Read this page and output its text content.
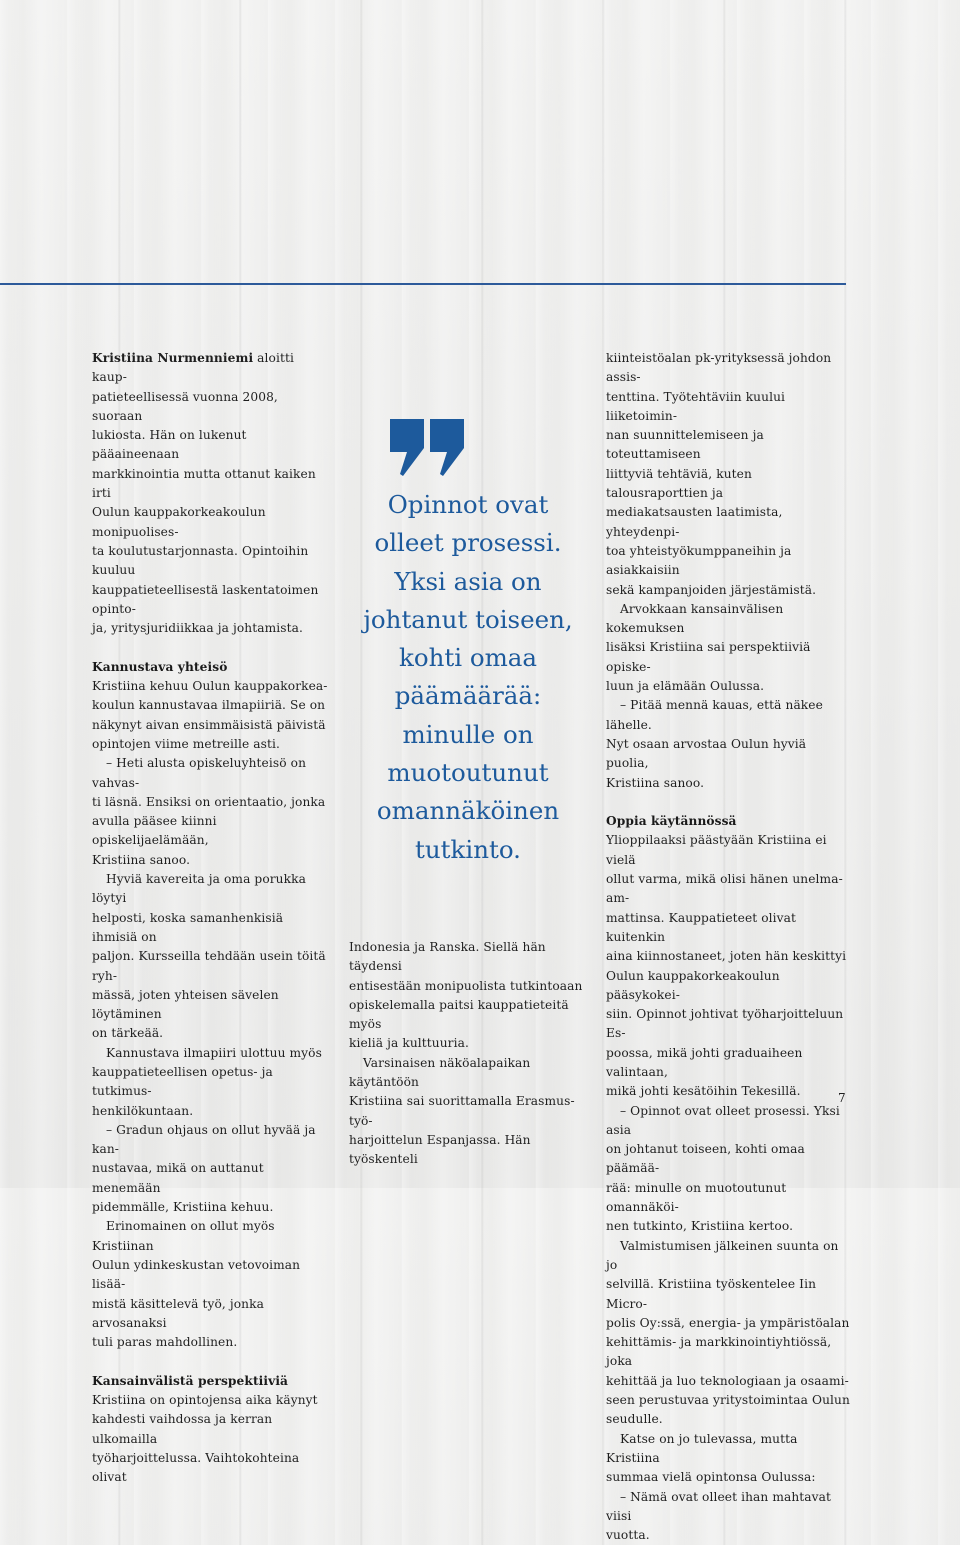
Kristiina Nurmenniemi aloitti kaup-
patieteellisessä vuonna 2008, suoraan
lukiosta. Hän on lukenut pääaineenaan
markkinointia mutta ottanut kaiken irti
Oulun kauppakorkeakoulun monipuolises-
ta koulutustarjonnasta. Opintoihin kuuluu
kauppatieteellisestä laskentatoimen opinto-
ja, yritysjuridiikkaa ja johtamista.

Kannustava yhteisö

Kristiina kehuu Oulun kauppakorkea-
koulun kannustavaa ilmapiiriä. Se on
näkynyt aivan ensimmäisistä päivistä
opintojen viime metreille asti.

– Heti alusta opiskeluyhteisö on vahvas-
ti läsnä. Ensiksi on orientaatio, jonka
avulla pääsee kiinni opiskelijaelämään,
Kristiina sanoo.

Hyviä kavereita ja oma porukka löytyi
helposti, koska samanhenkisiä ihmisiä on
paljon. Kursseilla tehdään usein töitä ryh-
mässä, joten yhteisen sävelen löytäminen
on tärkeää.

Kannustava ilmapiiri ulottuu myös
kauppatieteellisen opetus- ja tutkimus-
henkilökuntaan.

– Gradun ohjaus on ollut hyvää ja kan-
nustavaa, mikä on auttanut menemään
pidemmälle, Kristiina kehuu.

Erinomainen on ollut myös Kristiinan
Oulun ydinkeskustan vetovoiman lisää-
mistä käsittelevä työ, jonka arvosanaksi
tuli paras mahdollinen.

Kansainvälistä perspektiiviä

Kristiina on opintojensa aika käynyt
kahdesti vaihdossa ja kerran ulkomailla
työharjoittelussa. Vaihtokohteina olivat

Opinnot ovat
olleet prosessi.
Yksi asia on
johtanut toiseen,
kohti omaa
päämäärää:
minulle on
muotoutunut
omannäköinen
tutkinto.

Indonesia ja Ranska. Siellä hän täydensi
entisestään monipuolista tutkintoaan
opiskelemalla paitsi kauppatieteitä myös
kieliä ja kulttuuria.

Varsinaisen näköalapaikan käytäntöön
Kristiina sai suorittamalla Erasmus-työ-
harjoittelun Espanjassa. Hän työskenteli

kiinteistöalan pk-yrityksessä johdon assis-
tenttina. Työtehtäviin kuului liiketoimin-
nan suunnittelemiseen ja toteuttamiseen
liittyviä tehtäviä, kuten talousraporttien ja
mediakatsausten laatimista, yhteydenpi-
toa yhteistyökumppaneihin ja asiakkaisiin
sekä kampanjoiden järjestämistä.

Arvokkaan kansainvälisen kokemuksen
lisäksi Kristiina sai perspektiiviä opiske-
luun ja elämään Oulussa.

– Pitää mennä kauas, että näkee lähelle.
Nyt osaan arvostaa Oulun hyviä puolia,
Kristiina sanoo.

Oppia käytännössä

Ylioppilaaksi päästyään Kristiina ei vielä
ollut varma, mikä olisi hänen unelma-am-
mattinsa. Kauppatieteet olivat kuitenkin
aina kiinnostaneet, joten hän keskittyi
Oulun kauppakorkeakoulun pääsykokei-
siin. Opinnot johtivat työharjoitteluun Es-
poossa, mikä johti graduaiheen valintaan,
mikä johti kesätöihin Tekesillä.

– Opinnot ovat olleet prosessi. Yksi asia
on johtanut toiseen, kohti omaa päämää-
rää: minulle on muotoutunut omannäköi-
nen tutkinto, Kristiina kertoo.

Valmistumisen jälkeinen suunta on jo
selvillä. Kristiina työskentelee Iin Micro-
polis Oy:ssä, energia- ja ympäristöalan
kehittämis- ja markkinointiyhtiössä, joka
kehittää ja luo teknologiaan ja osaami-
seen perustuvaa yritystoimintaa Oulun
seudulle.

Katse on jo tulevassa, mutta Kristiina
summaa vielä opintonsa Oulussa:

– Nämä ovat olleet ihan mahtavat viisi
vuotta.

7
